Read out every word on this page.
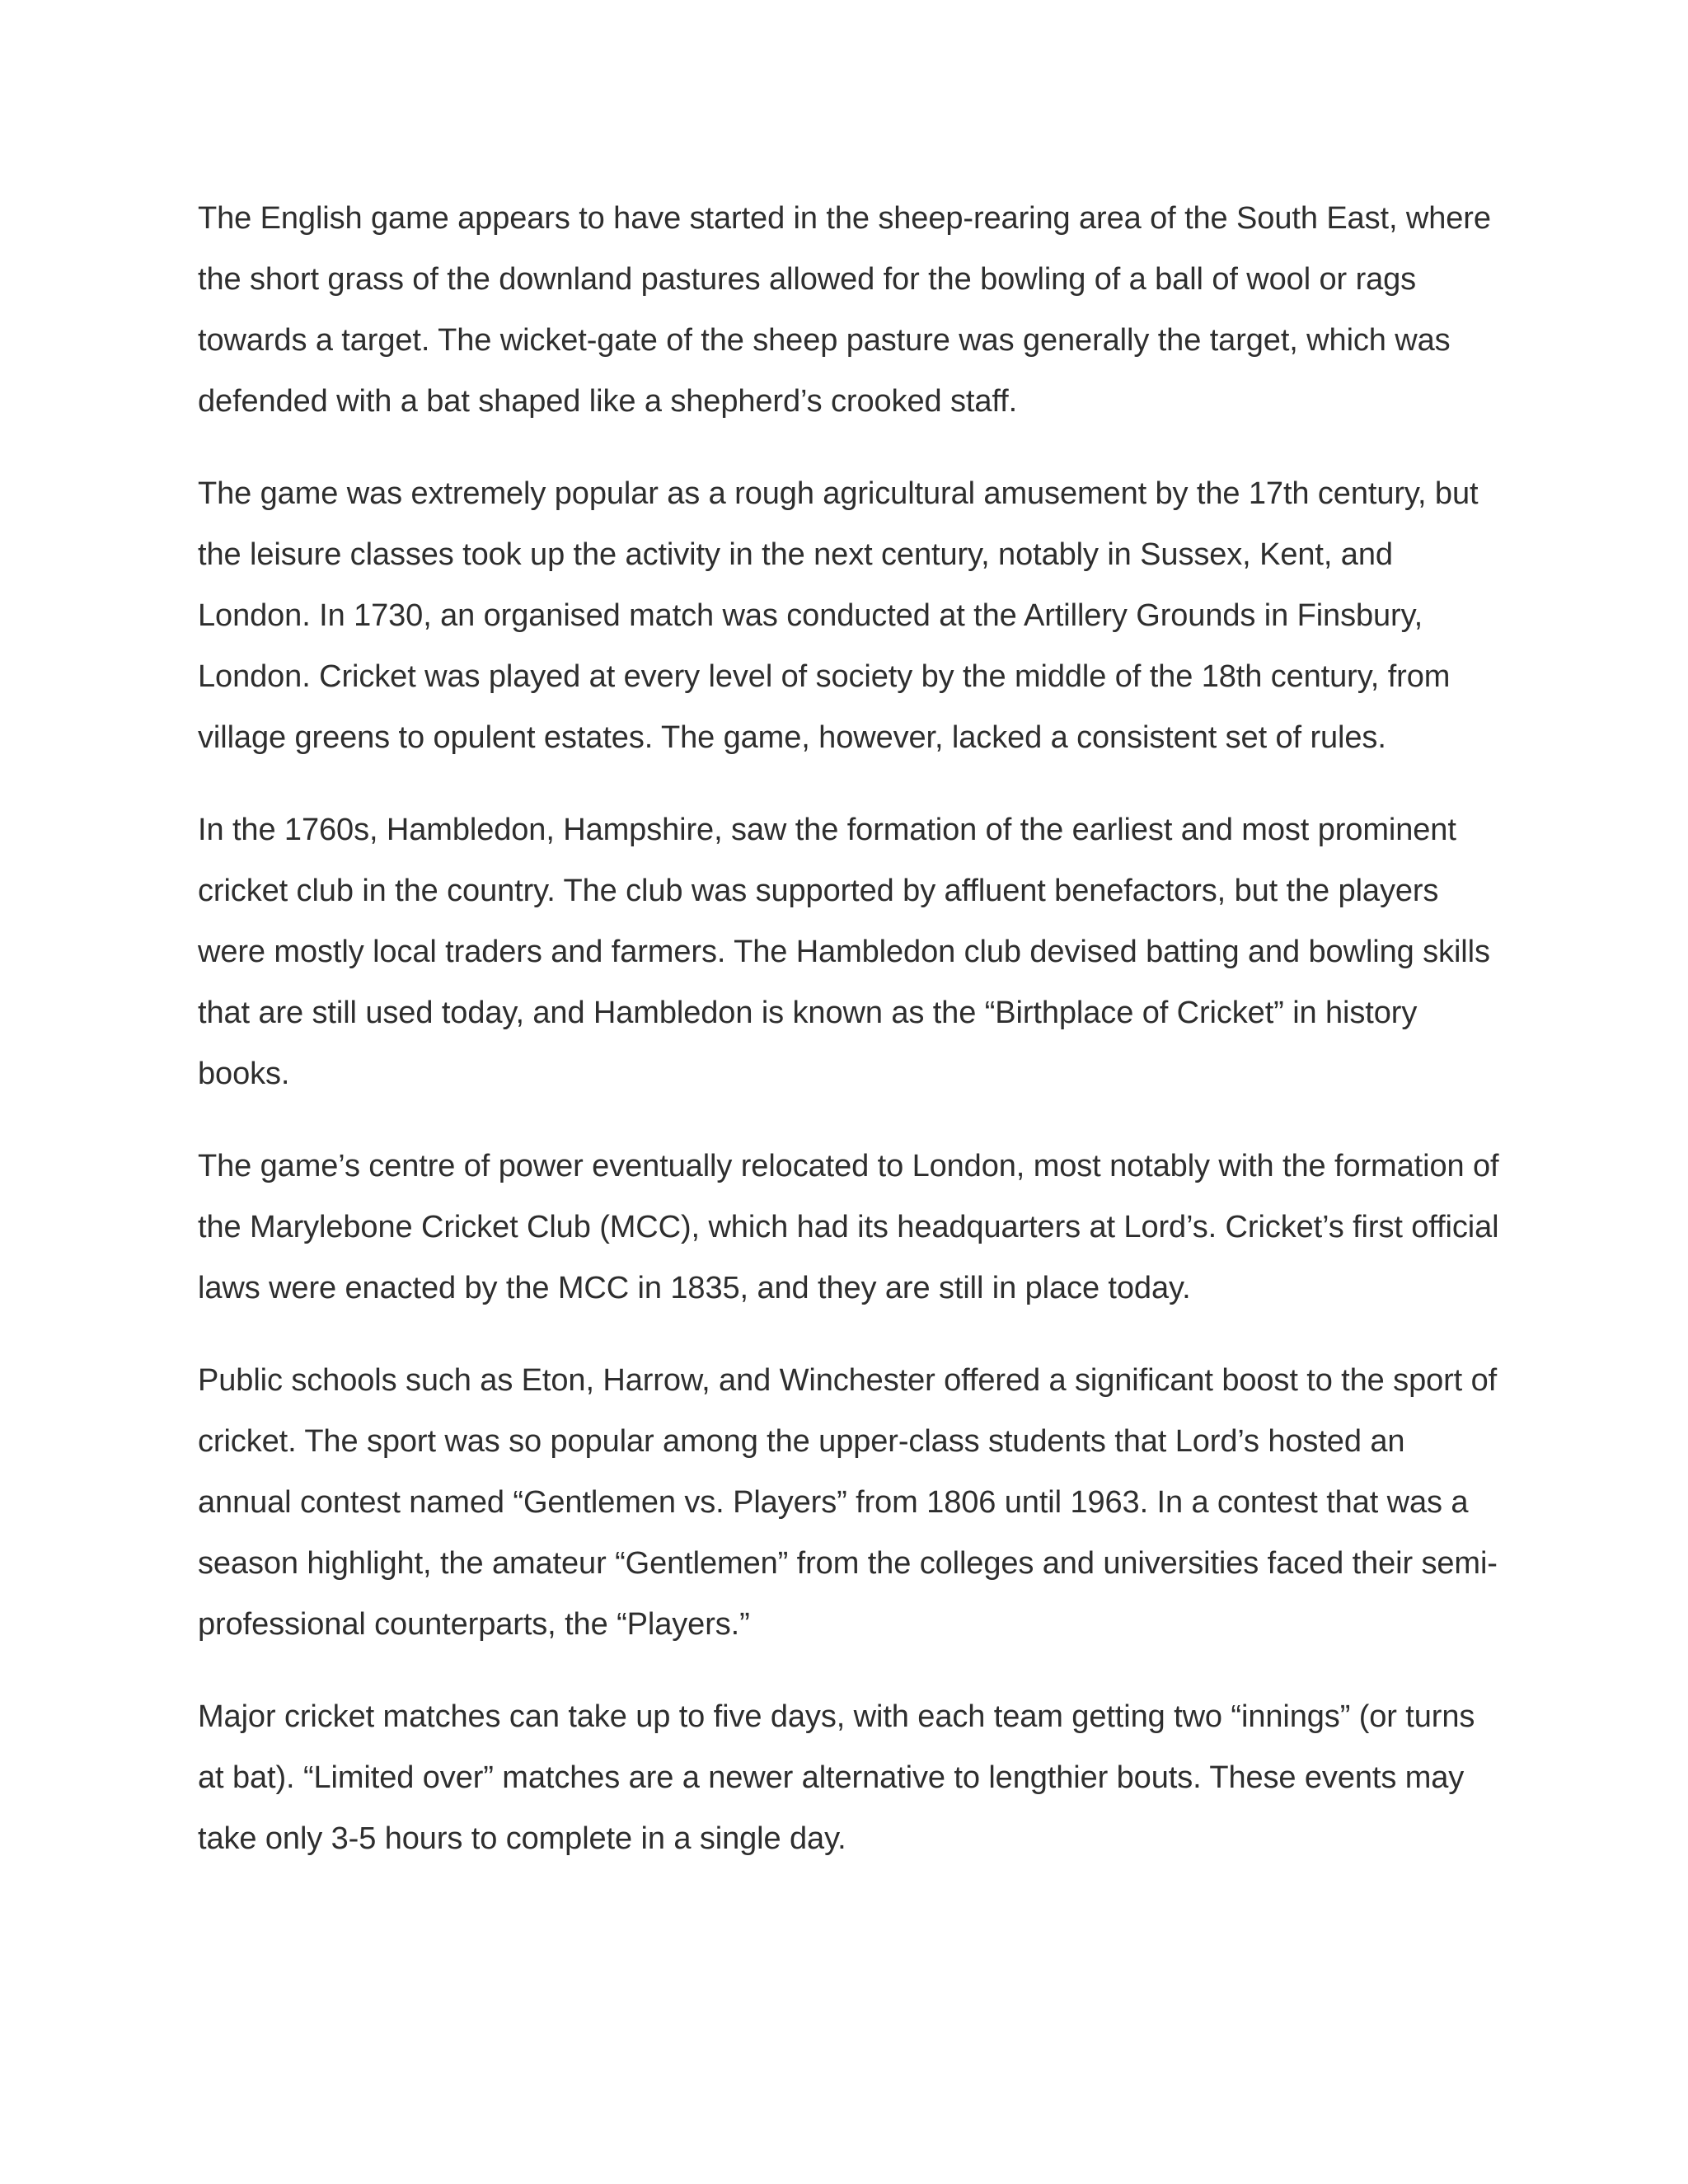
The English game appears to have started in the sheep-rearing area of the South East, where the short grass of the downland pastures allowed for the bowling of a ball of wool or rags towards a target. The wicket-gate of the sheep pasture was generally the target, which was defended with a bat shaped like a shepherd’s crooked staff.

The game was extremely popular as a rough agricultural amusement by the 17th century, but the leisure classes took up the activity in the next century, notably in Sussex, Kent, and London. In 1730, an organised match was conducted at the Artillery Grounds in Finsbury, London. Cricket was played at every level of society by the middle of the 18th century, from village greens to opulent estates. The game, however, lacked a consistent set of rules.

In the 1760s, Hambledon, Hampshire, saw the formation of the earliest and most prominent cricket club in the country. The club was supported by affluent benefactors, but the players were mostly local traders and farmers. The Hambledon club devised batting and bowling skills that are still used today, and Hambledon is known as the “Birthplace of Cricket” in history books.

The game’s centre of power eventually relocated to London, most notably with the formation of the Marylebone Cricket Club (MCC), which had its headquarters at Lord’s. Cricket’s first official laws were enacted by the MCC in 1835, and they are still in place today.

Public schools such as Eton, Harrow, and Winchester offered a significant boost to the sport of cricket. The sport was so popular among the upper-class students that Lord’s hosted an annual contest named “Gentlemen vs. Players” from 1806 until 1963. In a contest that was a season highlight, the amateur “Gentlemen” from the colleges and universities faced their semi-professional counterparts, the “Players.”

Major cricket matches can take up to five days, with each team getting two “innings” (or turns at bat). “Limited over” matches are a newer alternative to lengthier bouts. These events may take only 3-5 hours to complete in a single day.
